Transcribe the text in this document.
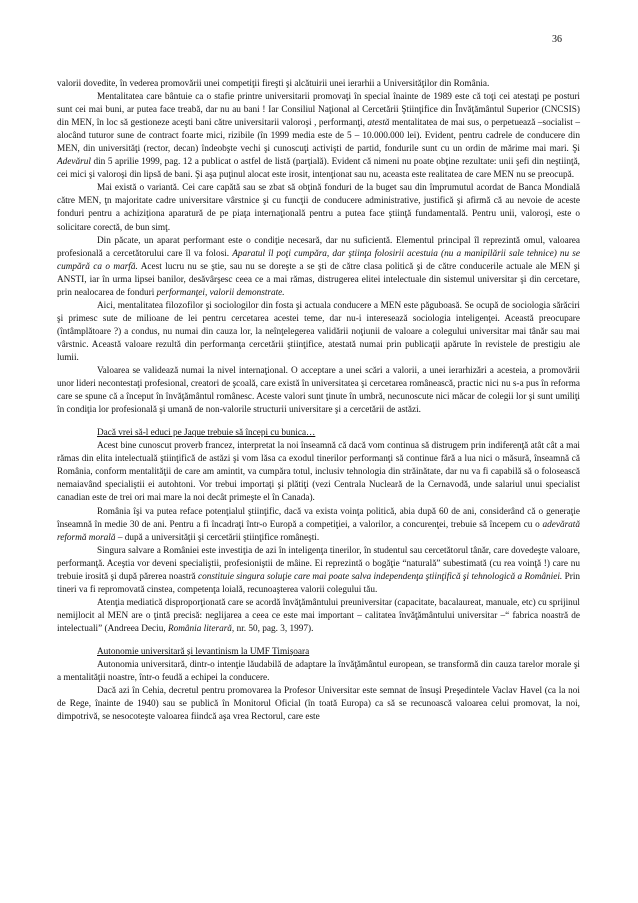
36

valorii dovedite, în vederea promovării unei competiţii fireşti şi alcătuirii unei ierarhii a Universităţilor din România.

Mentalitatea care bântuie ca o stafie printre universitarii promovaţi în special înainte de 1989 este că toţi cei atestaţi pe posturi sunt cei mai buni, ar putea face treabă, dar nu au bani ! Iar Consiliul Naţional al Cercetării Ştiinţifice din Învăţământul Superior (CNCSIS) din MEN, în loc să gestioneze aceşti bani către universitarii valoroşi , performanţi, atestă mentalitatea de mai sus, o perpetuează –socialist – alocând tuturor sune de contract foarte mici, rizibile (în 1999 media este de 5 – 10.000.000 lei). Evident, pentru cadrele de conducere din MEN, din universităţi (rector, decan) îndeobşte vechi şi cunoscuţi activişti de partid, fondurile sunt cu un ordin de mărime mai mari. Şi Adevărul din 5 aprilie 1999, pag. 12 a publicat o astfel de listă (parţială). Evident că nimeni nu poate obţine rezultate: unii şefi din neştiinţă, cei mici şi valoroşi din lipsă de bani. Şi aşa puţinul alocat este irosit, intenţionat sau nu, aceasta este realitatea de care MEN nu se preocupă.

Mai există o variantă. Cei care capătă sau se zbat să obţină fonduri de la buget sau din împrumutul acordat de Banca Mondială către MEN, ţn majoritate cadre universitare vârstnice şi cu funcţii de conducere administrative, justifică şi afirmă că au nevoie de aceste fonduri pentru a achiziţiona aparatură de pe piaţa internaţională pentru a putea face ştiinţă fundamentală. Pentru unii, valoroşi, este o solicitare corectă, de bun simţ.

Din păcate, un aparat performant este o condiţie necesară, dar nu suficientă. Elementul principal îl reprezintă omul, valoarea profesională a cercetătorului care îl va folosi. Aparatul îl poţi cumpăra, dar ştiinţa folosirii acestuia (nu a manipilării sale tehnice) nu se cumpără ca o marfă. Acest lucru nu se ştie, sau nu se doreşte a se şti de către clasa politică şi de către conducerile actuale ale MEN şi ANSTI, iar în urma lipsei banilor, desăvârşesc ceea ce a mai rămas, distrugerea elitei intelectuale din sistemul universitar şi din cercetare, prin nealocarea de fonduri performanţei, valorii demonstrate.

Aici, mentalitatea filozofilor şi sociologilor din fosta şi actuala conducere a MEN este păguboasă. Se ocupă de sociologia sărăciri şi primesc sute de milioane de lei pentru cercetarea acestei teme, dar nu-i interesează sociologia inteligenţei. Această preocupare (întâmplătoare ?) a condus, nu numai din cauza lor, la neînţelegerea validării noţiunii de valoare a colegului universitar mai tânăr sau mai vârstnic. Această valoare rezultă din performanţa cercetării ştiinţifice, atestată numai prin publicaţii apărute în revistele de prestigiu ale lumii.

Valoarea se validează numai la nivel internaţional. O acceptare a unei scări a valorii, a unei ierarhizări a acesteia, a promovării unor lideri necontestaţi profesional, creatori de şcoală, care există în universitatea şi cercetarea românească, practic nici nu s-a pus în reforma care se spune că a început în învăţământul românesc. Aceste valori sunt ţinute în umbră, necunoscute nici măcar de colegii lor şi sunt umiliţi în condiţia lor profesională şi umană de non-valorile structurii universitare şi a cercetării de astăzi.

Dacă vrei să-l educi pe Jaque trebuie să începi cu bunica…

Acest bine cunoscut proverb francez, interpretat la noi înseamnă că dacă vom continua să distrugem prin indiferenţă atât cât a mai rămas din elita intelectuală ştiinţifică de astăzi şi vom lăsa ca exodul tinerilor performanţi să continue fără a lua nici o măsură, înseamnă că România, conform mentalităţii de care am amintit, va cumpăra totul, inclusiv tehnologia din străinătate, dar nu va fi capabilă să o folosească nemaiavând specialiştii ei autohtoni. Vor trebui importaţi şi plătiţi (vezi Centrala Nucleară de la Cernavodă, unde salariul unui specialist canadian este de trei ori mai mare la noi decât primeşte el în Canada).

România îşi va putea reface potenţialul ştiinţific, dacă va exista voinţa politică, abia după 60 de ani, considerând că o generaţie înseamnă în medie 30 de ani. Pentru a fi încadraţi într-o Europă a competiţiei, a valorilor, a concurenţei, trebuie să începem cu o adevărată reformă morală – după a universităţii şi cercetării ştiinţifice româneşti.

Singura salvare a României este investiţia de azi în inteligenţa tinerilor, în studentul sau cercetătorul tânăr, care dovedeşte valoare, performanţă. Aceştia vor deveni specialiştii, profesioniştii de mâine. Ei reprezintă o bogăţie “naturală” subestimată (cu rea voinţă !) care nu trebuie irosită şi după părerea noastră constituie singura soluţie care mai poate salva independenţa ştiinţifică şi tehnologică a României. Prin tineri va fi repromovată cinstea, competenţa loială, recunoaşterea valorii colegului tău.

Atenţia mediatică disproporţionată care se acordă învăţământului preuniversitar (capacitate, bacalaureat, manuale, etc) cu sprijinul nemijlocit al MEN are o ţintă precisă: neglijarea a ceea ce este mai important – calitatea învăţământului universitar –“ fabrica noastră de intelectuali” (Andreea Deciu, România literară, nr. 50, pag. 3, 1997).

Autonomie universitară şi levantinism la UMF Timişoara

Autonomia universitară, dintr-o intenţie lăudabilă de adaptare la învăţământul european, se transformă din cauza tarelor morale şi a mentalităţii noastre, într-o feudă a echipei la conducere.

Dacă azi în Cehia, decretul pentru promovarea la Profesor Universitar este semnat de însuşi Preşedintele Vaclav Havel (ca la noi de Rege, înainte de 1940) sau se publică în Monitorul Oficial (în toată Europa) ca să se recunoască valoarea celui promovat, la noi, dimpotrivă, se nesocoteşte valoarea fiindcă aşa vrea Rectorul, care este
